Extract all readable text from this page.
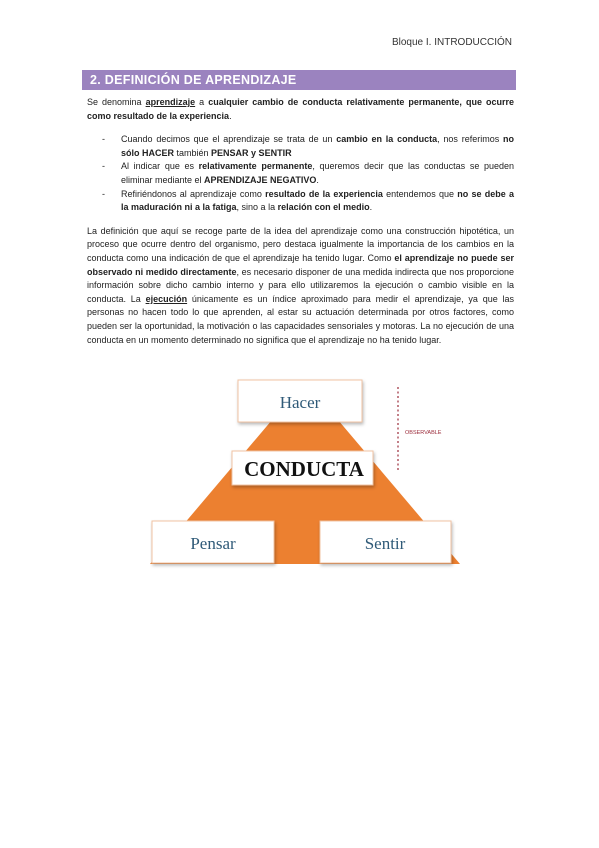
Bloque I. INTRODUCCIÓN
2. DEFINICIÓN DE APRENDIZAJE

Se denomina aprendizaje a cualquier cambio de conducta relativamente permanente, que ocurre como resultado de la experiencia.

- Cuando decimos que el aprendizaje se trata de un cambio en la conducta, nos referimos no sólo HACER también PENSAR y SENTIR
- Al indicar que es relativamente permanente, queremos decir que las conductas se pueden eliminar mediante el APRENDIZAJE NEGATIVO.
- Refiriéndonos al aprendizaje como resultado de la experiencia entendemos que no se debe a la maduración ni a la fatiga, sino a la relación con el medio.

La definición que aquí se recoge parte de la idea del aprendizaje como una construcción hipotética, un proceso que ocurre dentro del organismo, pero destaca igualmente la importancia de los cambios en la conducta como una indicación de que el aprendizaje ha tenido lugar. Como el aprendizaje no puede ser observado ni medido directamente, es necesario disponer de una medida indirecta que nos proporcione información sobre dicho cambio interno y para ello utilizaremos la ejecución o cambio visible en la conducta. La ejecución únicamente es un índice aproximado para medir el aprendizaje, ya que las personas no hacen todo lo que aprenden, al estar su actuación determinada por otros factores, como pueden ser la oportunidad, la motivación o las capacidades sensoriales y motoras. La no ejecución de una conducta en un momento determinado no significa que el aprendizaje no ha tenido lugar.

OBSERVABLE
Hacer
CONDUCTA
Pensar	Sentir
